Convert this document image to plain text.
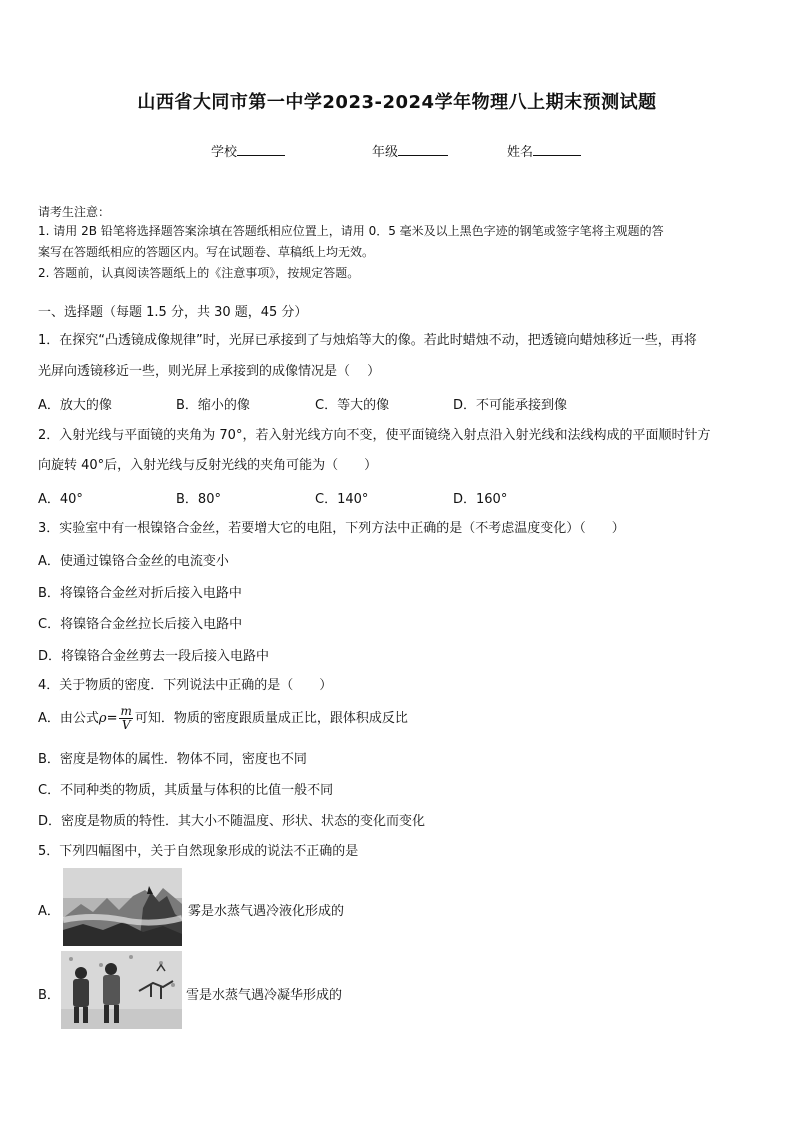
山西省大同市第一中学2023-2024学年物理八上期末预测试题
学校	年级	姓名
请考生注意：
1. 请用 2B 铅笔将选择题答案涂填在答题纸相应位置上，请用 0．5 毫米及以上黑色字迹的钢笔或签字笔将主观题的答
案写在答题纸相应的答题区内。写在试题卷、草稿纸上均无效。
2. 答题前，认真阅读答题纸上的《注意事项》，按规定答题。
一、选择题（每题 1.5 分，共 30 题，45 分）
1．在探究“凸透镜成像规律”时，光屏已承接到了与烛焰等大的像。若此时蜡烛不动，把透镜向蜡烛移近一些，再将
光屏向透镜移近一些，则光屏上承接到的成像情况是（　 ）
A．放大的像	B．缩小的像	C．等大的像	D．不可能承接到像
2．入射光线与平面镜的夹角为 70°，若入射光线方向不变，使平面镜绕入射点沿入射光线和法线构成的平面顺时针方
向旋转 40°后，入射光线与反射光线的夹角可能为（　　）
A．40°	B．80°	C．140°	D．160°
3．实验室中有一根镍铬合金丝，若要增大它的电阻，下列方法中正确的是（不考虑温度变化）（　　）
A．使通过镍铬合金丝的电流变小
B．将镍铬合金丝对折后接入电路中
C．将镍铬合金丝拉长后接入电路中
D．将镍铬合金丝剪去一段后接入电路中
4．关于物质的密度．下列说法中正确的是（　　）
A．由公式$\rho= \frac{m}{V}$ 可知．物质的密度跟质量成正比，跟体积成反比
B．密度是物体的属性．物体不同，密度也不同
C．不同种类的物质，其质量与体积的比值一般不同
D．密度是物质的特性．其大小不随温度、形状、状态的变化而变化
5．下列四幅图中，关于自然现象形成的说法不正确的是
A．	雾是水蒸气遇冷液化形成的
B．	雪是水蒸气遇冷凝华形成的
